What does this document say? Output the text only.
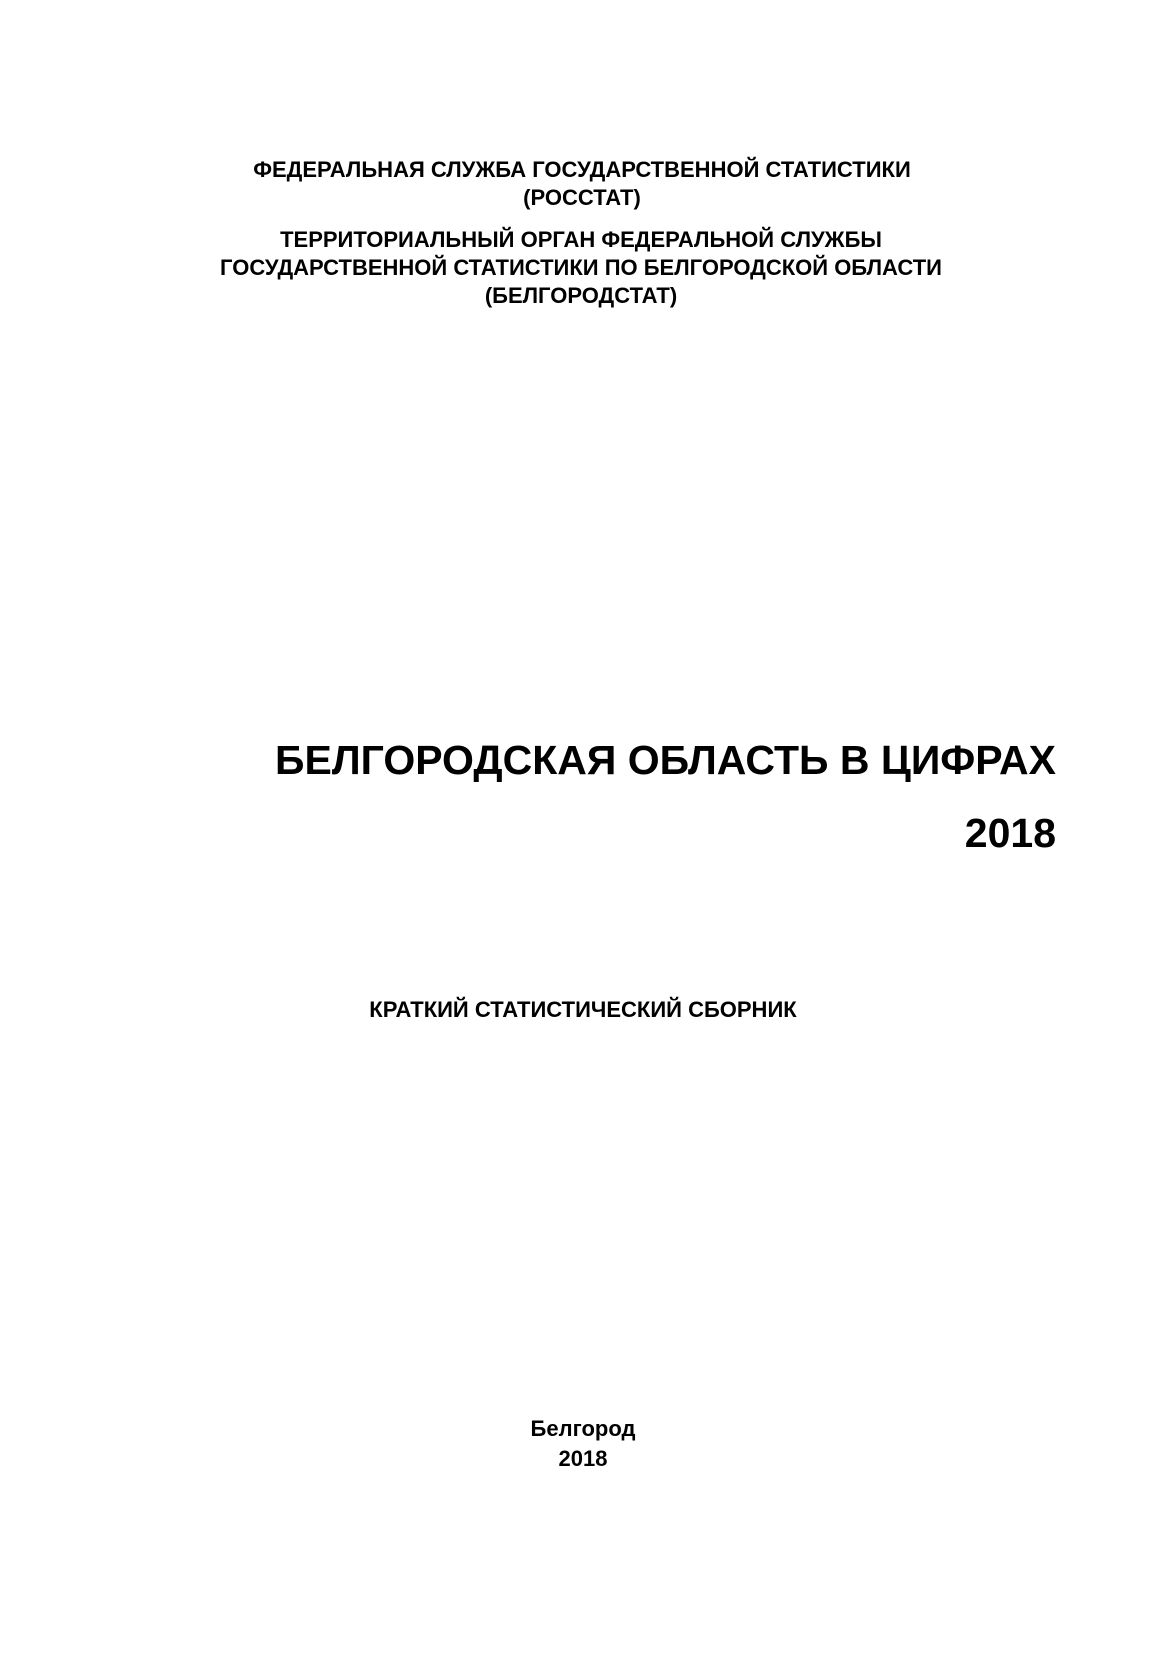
ФЕДЕРАЛЬНАЯ СЛУЖБА ГОСУДАРСТВЕННОЙ СТАТИСТИКИ
(РОССТАТ)
ТЕРРИТОРИАЛЬНЫЙ ОРГАН ФЕДЕРАЛЬНОЙ СЛУЖБЫ
ГОСУДАРСТВЕННОЙ СТАТИСТИКИ ПО БЕЛГОРОДСКОЙ ОБЛАСТИ
(БЕЛГОРОДСТАТ)
БЕЛГОРОДСКАЯ ОБЛАСТЬ В ЦИФРАХ
2018
КРАТКИЙ СТАТИСТИЧЕСКИЙ СБОРНИК
Белгород
2018
